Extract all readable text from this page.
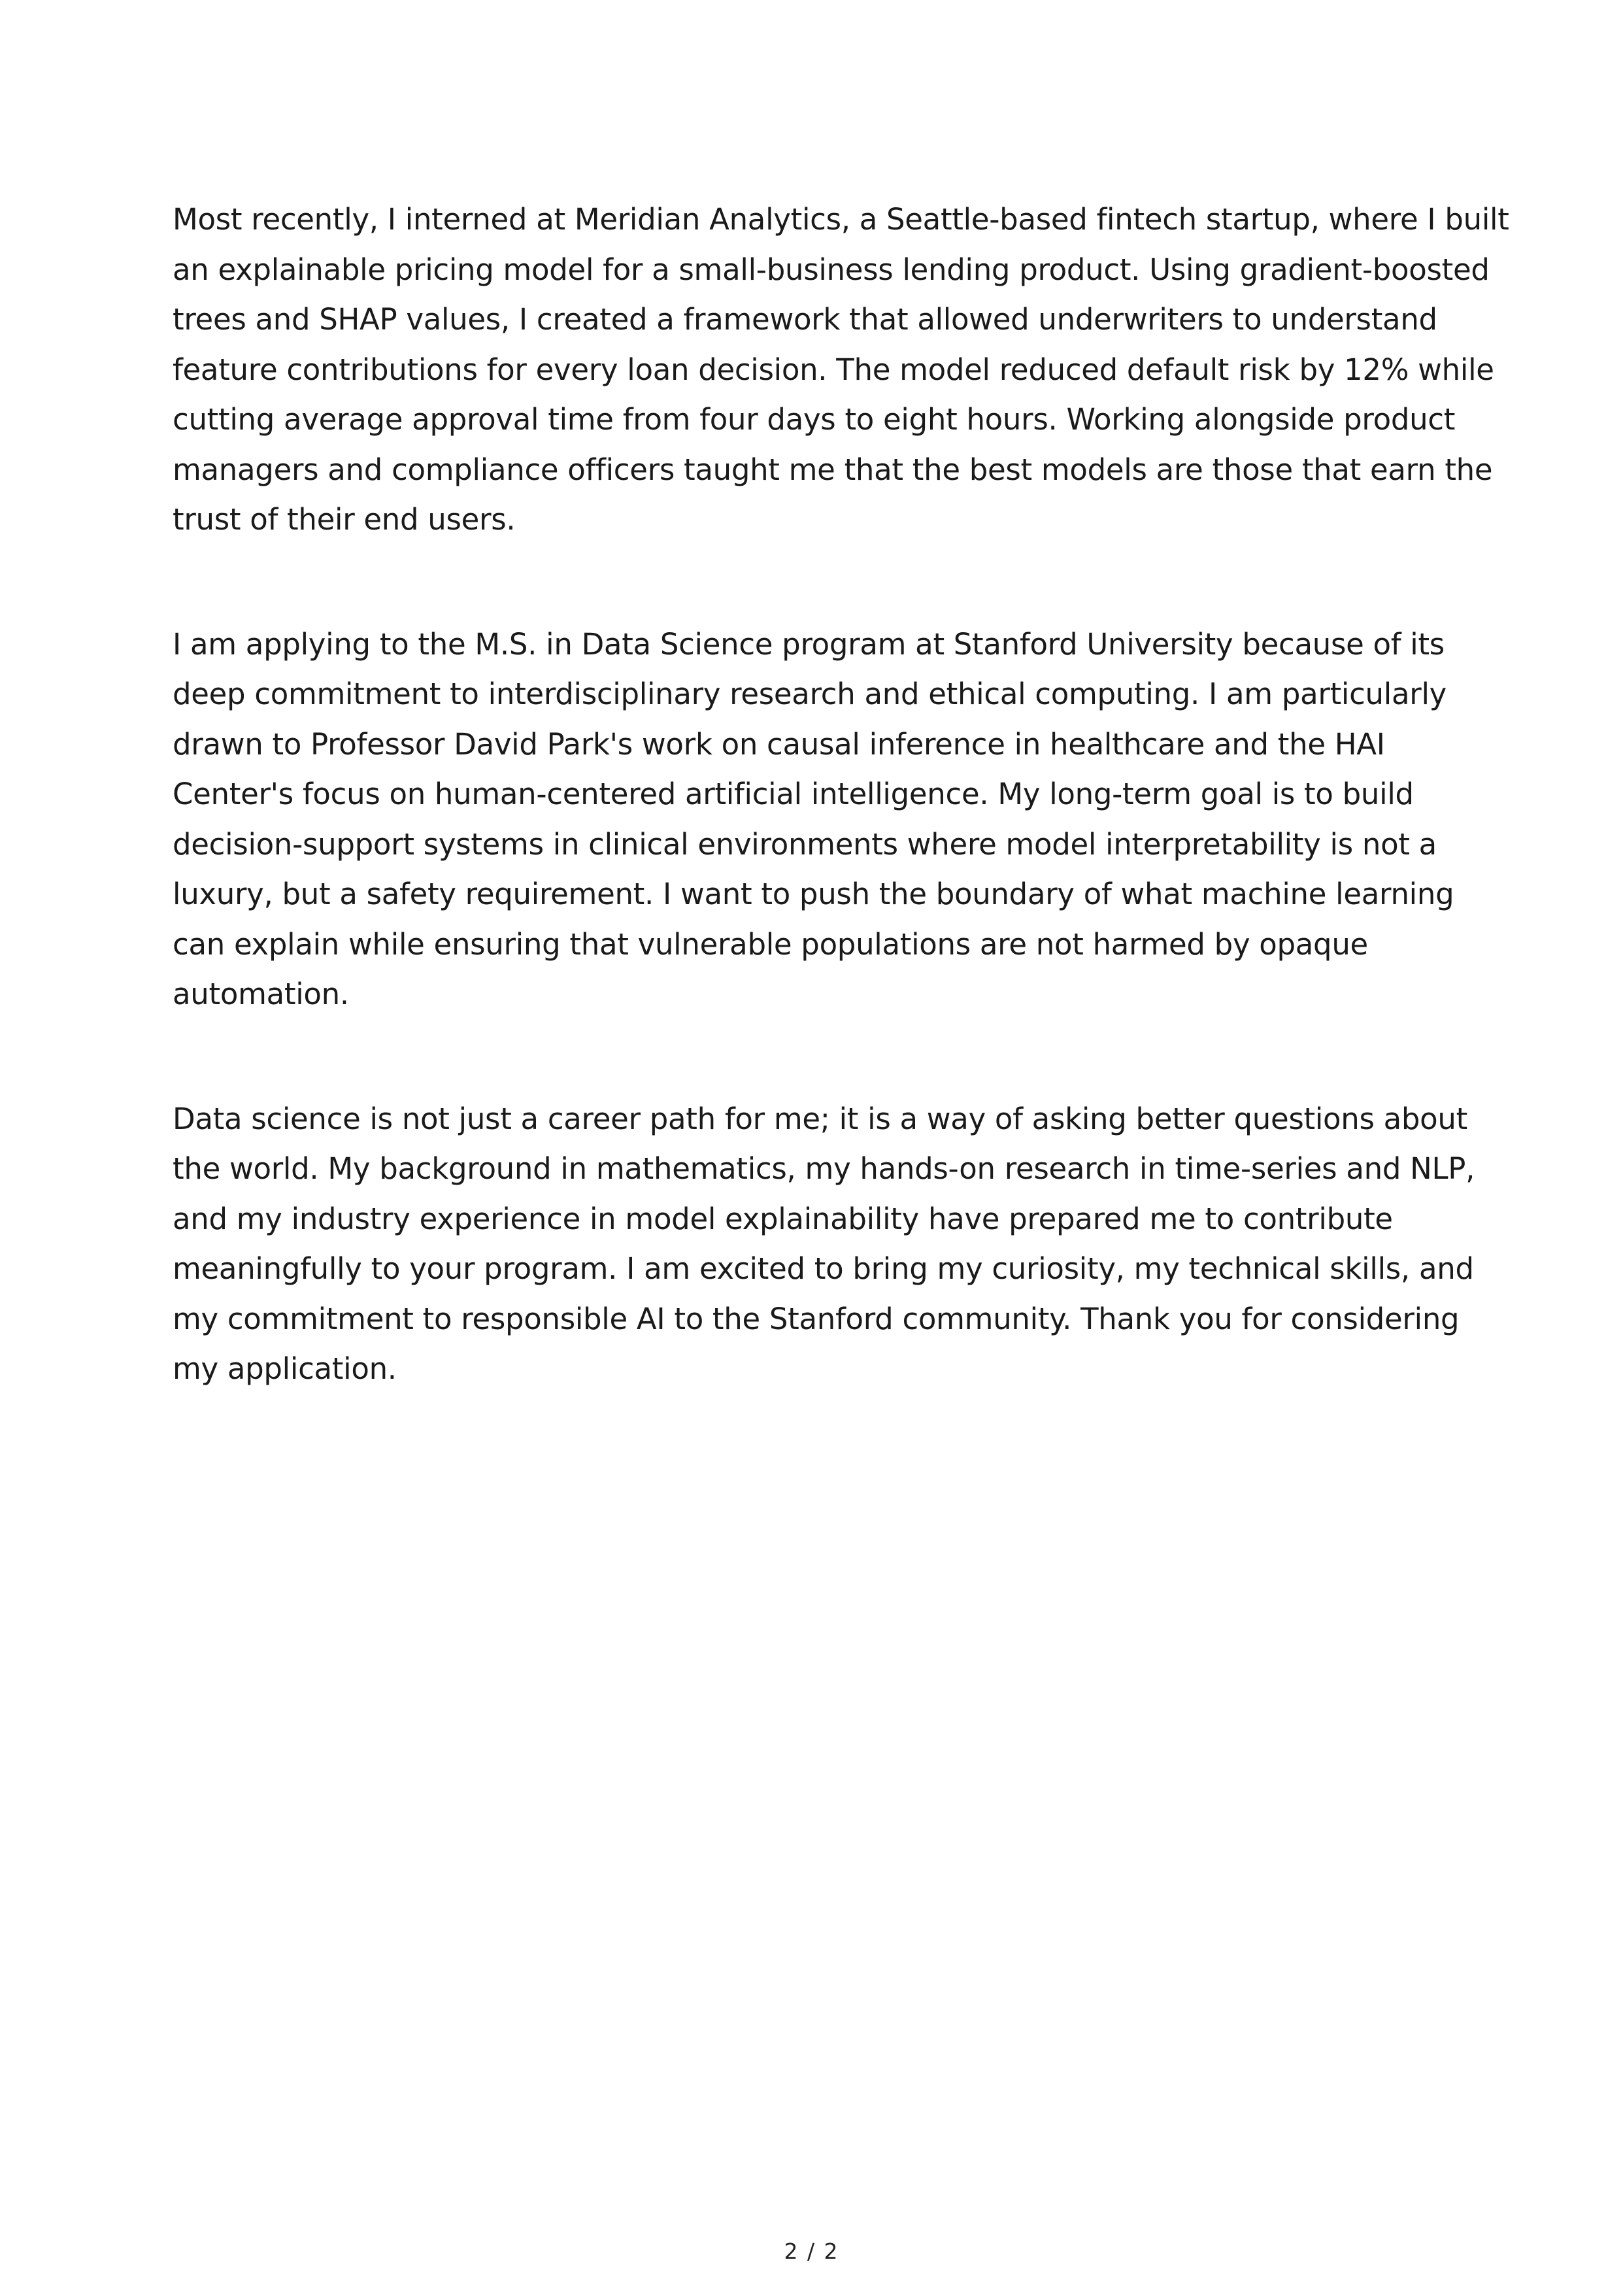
Most recently, I interned at Meridian Analytics, a Seattle-based fintech startup, where I built
an explainable pricing model for a small-business lending product. Using gradient-boosted
trees and SHAP values, I created a framework that allowed underwriters to understand
feature contributions for every loan decision. The model reduced default risk by 12% while
cutting average approval time from four days to eight hours. Working alongside product
managers and compliance officers taught me that the best models are those that earn the
trust of their end users.

I am applying to the M.S. in Data Science program at Stanford University because of its
deep commitment to interdisciplinary research and ethical computing. I am particularly
drawn to Professor David Park's work on causal inference in healthcare and the HAI
Center's focus on human-centered artificial intelligence. My long-term goal is to build
decision-support systems in clinical environments where model interpretability is not a
luxury, but a safety requirement. I want to push the boundary of what machine learning
can explain while ensuring that vulnerable populations are not harmed by opaque
automation.

Data science is not just a career path for me; it is a way of asking better questions about
the world. My background in mathematics, my hands-on research in time-series and NLP,
and my industry experience in model explainability have prepared me to contribute
meaningfully to your program. I am excited to bring my curiosity, my technical skills, and
my commitment to responsible AI to the Stanford community. Thank you for considering
my application.

2 / 2
